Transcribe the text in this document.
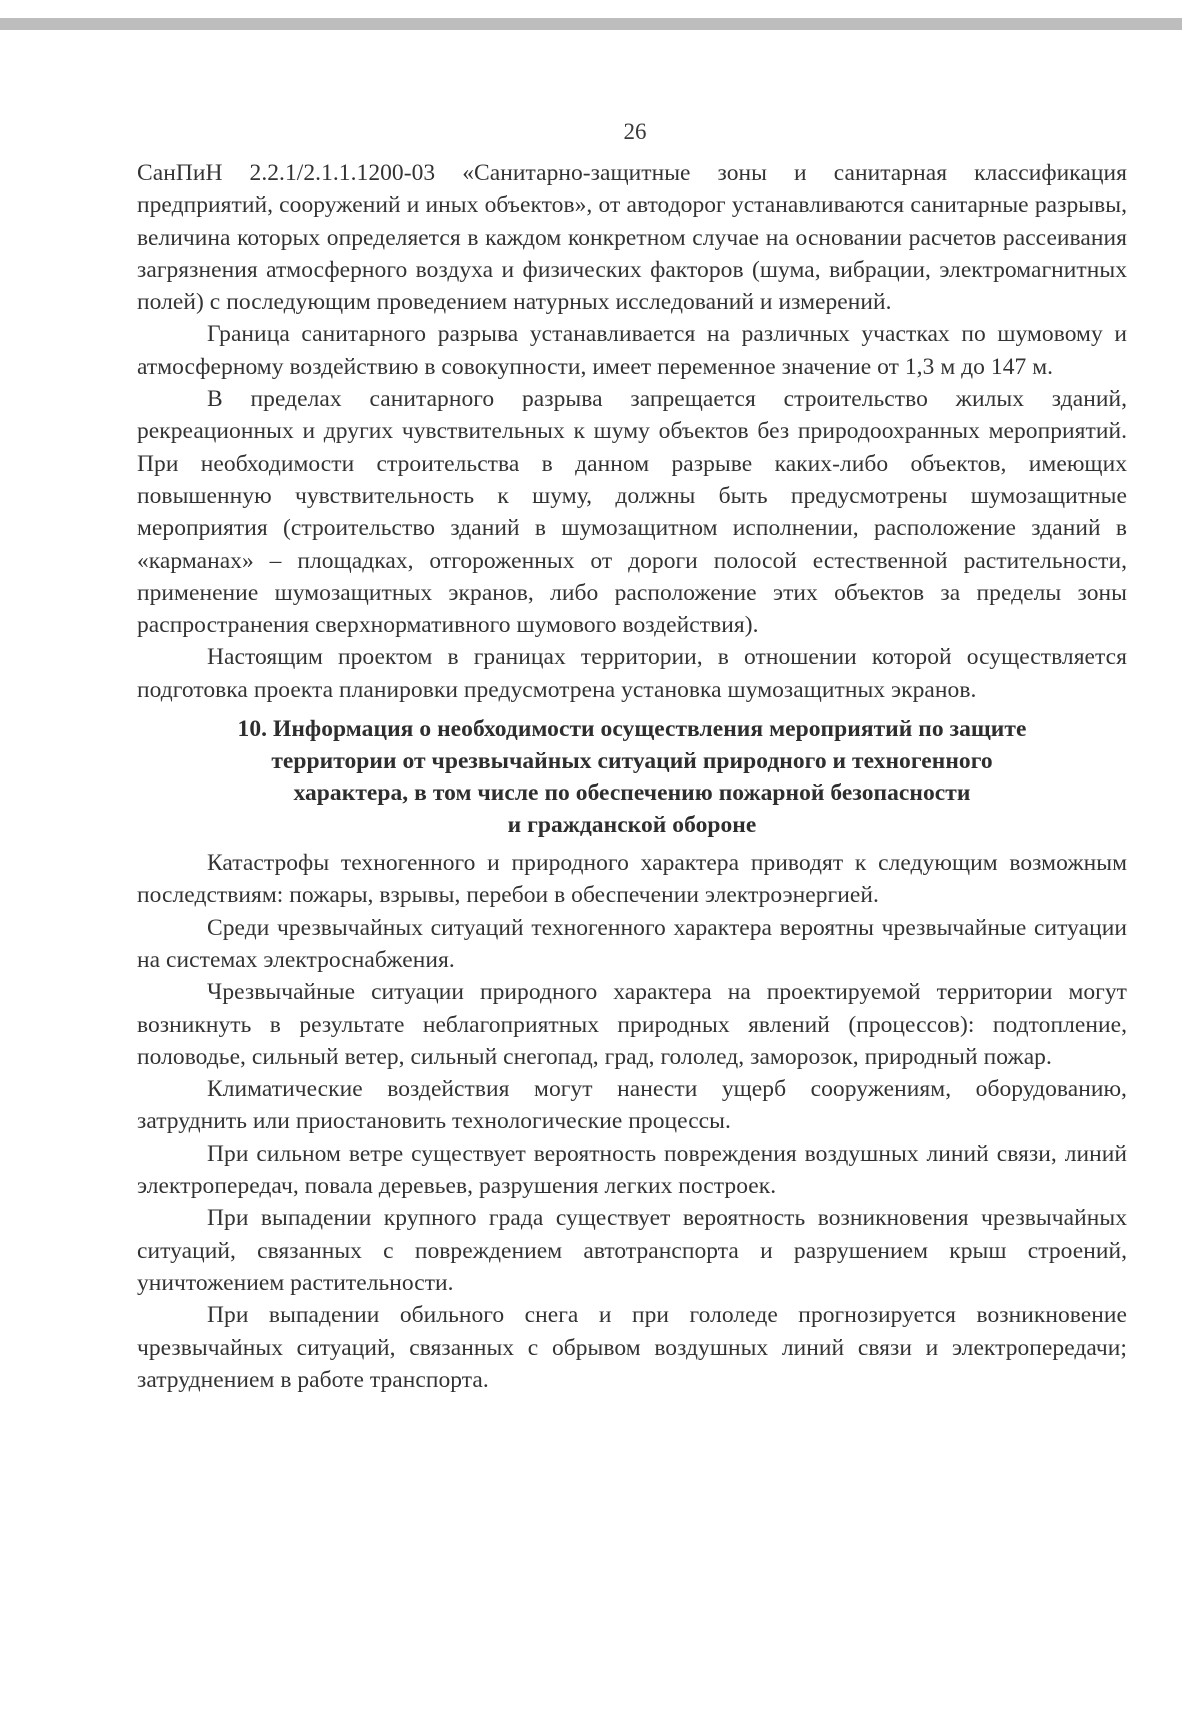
26

СанПиН 2.2.1/2.1.1.1200-03 «Санитарно-защитные зоны и санитарная классификация предприятий, сооружений и иных объектов», от автодорог устанавливаются санитарные разрывы, величина которых определяется в каждом конкретном случае на основании расчетов рассеивания загрязнения атмосферного воздуха и физических факторов (шума, вибрации, электромагнитных полей) с последующим проведением натурных исследований и измерений.

Граница санитарного разрыва устанавливается на различных участках по шумовому и атмосферному воздействию в совокупности, имеет переменное значение от 1,3 м до 147 м.

В пределах санитарного разрыва запрещается строительство жилых зданий, рекреационных и других чувствительных к шуму объектов без природоохранных мероприятий. При необходимости строительства в данном разрыве каких-либо объектов, имеющих повышенную чувствительность к шуму, должны быть предусмотрены шумозащитные мероприятия (строительство зданий в шумозащитном исполнении, расположение зданий в «карманах» – площадках, отгороженных от дороги полосой естественной растительности, применение шумозащитных экранов, либо расположение этих объектов за пределы зоны распространения сверхнормативного шумового воздействия).

Настоящим проектом в границах территории, в отношении которой осуществляется подготовка проекта планировки предусмотрена установка шумозащитных экранов.

10. Информация о необходимости осуществления мероприятий по защите
территории от чрезвычайных ситуаций природного и техногенного
характера, в том числе по обеспечению пожарной безопасности
и гражданской обороне

Катастрофы техногенного и природного характера приводят к следующим возможным последствиям: пожары, взрывы, перебои в обеспечении электроэнергией.

Среди чрезвычайных ситуаций техногенного характера вероятны чрезвычайные ситуации на системах электроснабжения.

Чрезвычайные ситуации природного характера на проектируемой территории могут возникнуть в результате неблагоприятных природных явлений (процессов): подтопление, половодье, сильный ветер, сильный снегопад, град, гололед, заморозок, природный пожар.

Климатические воздействия могут нанести ущерб сооружениям, оборудованию, затруднить или приостановить технологические процессы.

При сильном ветре существует вероятность повреждения воздушных линий связи, линий электропередач, повала деревьев, разрушения легких построек.

При выпадении крупного града существует вероятность возникновения чрезвычайных ситуаций, связанных с повреждением автотранспорта и разрушением крыш строений, уничтожением растительности.

При выпадении обильного снега и при гололеде прогнозируется возникновение чрезвычайных ситуаций, связанных с обрывом воздушных линий связи и электропередачи; затруднением в работе транспорта.
